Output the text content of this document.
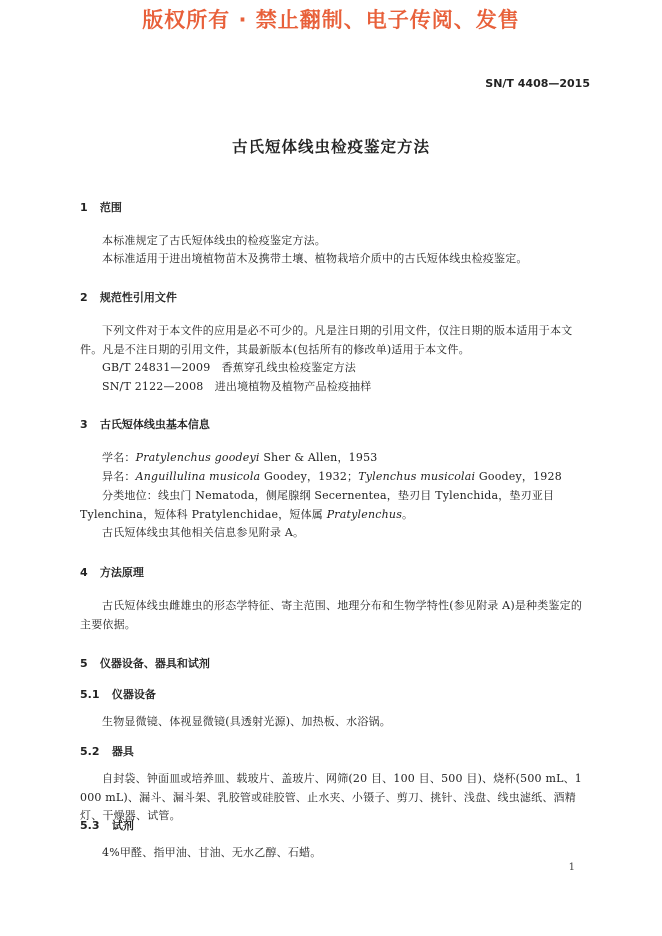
版权所有 · 禁止翻制、电子传阅、发售
SN/T 4408—2015
古氏短体线虫检疫鉴定方法
1 范围
本标准规定了古氏短体线虫的检疫鉴定方法。
本标准适用于进出境植物苗木及携带土壤、植物栽培介质中的古氏短体线虫检疫鉴定。
2 规范性引用文件
下列文件对于本文件的应用是必不可少的。凡是注日期的引用文件，仅注日期的版本适用于本文件。凡是不注日期的引用文件，其最新版本(包括所有的修改单)适用于本文件。
GB/T 24831—2009　香蕉穿孔线虫检疫鉴定方法
SN/T 2122—2008　进出境植物及植物产品检疫抽样
3 古氏短体线虫基本信息
学名：Pratylenchus goodeyi Sher & Allen，1953
异名：Anguillulina musicola Goodey，1932；Tylenchus musicolai Goodey，1928
分类地位：线虫门 Nematoda，侧尾腺纲 Secernentea，垫刃目 Tylenchida，垫刃亚目 Tylenchina，短体科 Pratylenchidae，短体属 Pratylenchus。
古氏短体线虫其他相关信息参见附录 A。
4 方法原理
古氏短体线虫雌雄虫的形态学特征、寄主范围、地理分布和生物学特性(参见附录 A)是种类鉴定的主要依据。
5 仪器设备、器具和试剂
5.1 仪器设备
生物显微镜、体视显微镜(具透射光源)、加热板、水浴锅。
5.2 器具
自封袋、钟面皿或培养皿、载玻片、盖玻片、网筛(20 目、100 目、500 目)、烧杯(500 mL、1 000 mL)、漏斗、漏斗架、乳胶管或硅胶管、止水夹、小镊子、剪刀、挑针、浅盘、线虫滤纸、酒精灯、干燥器、试管。
5.3 试剂
4%甲醛、指甲油、甘油、无水乙醇、石蜡。
1
